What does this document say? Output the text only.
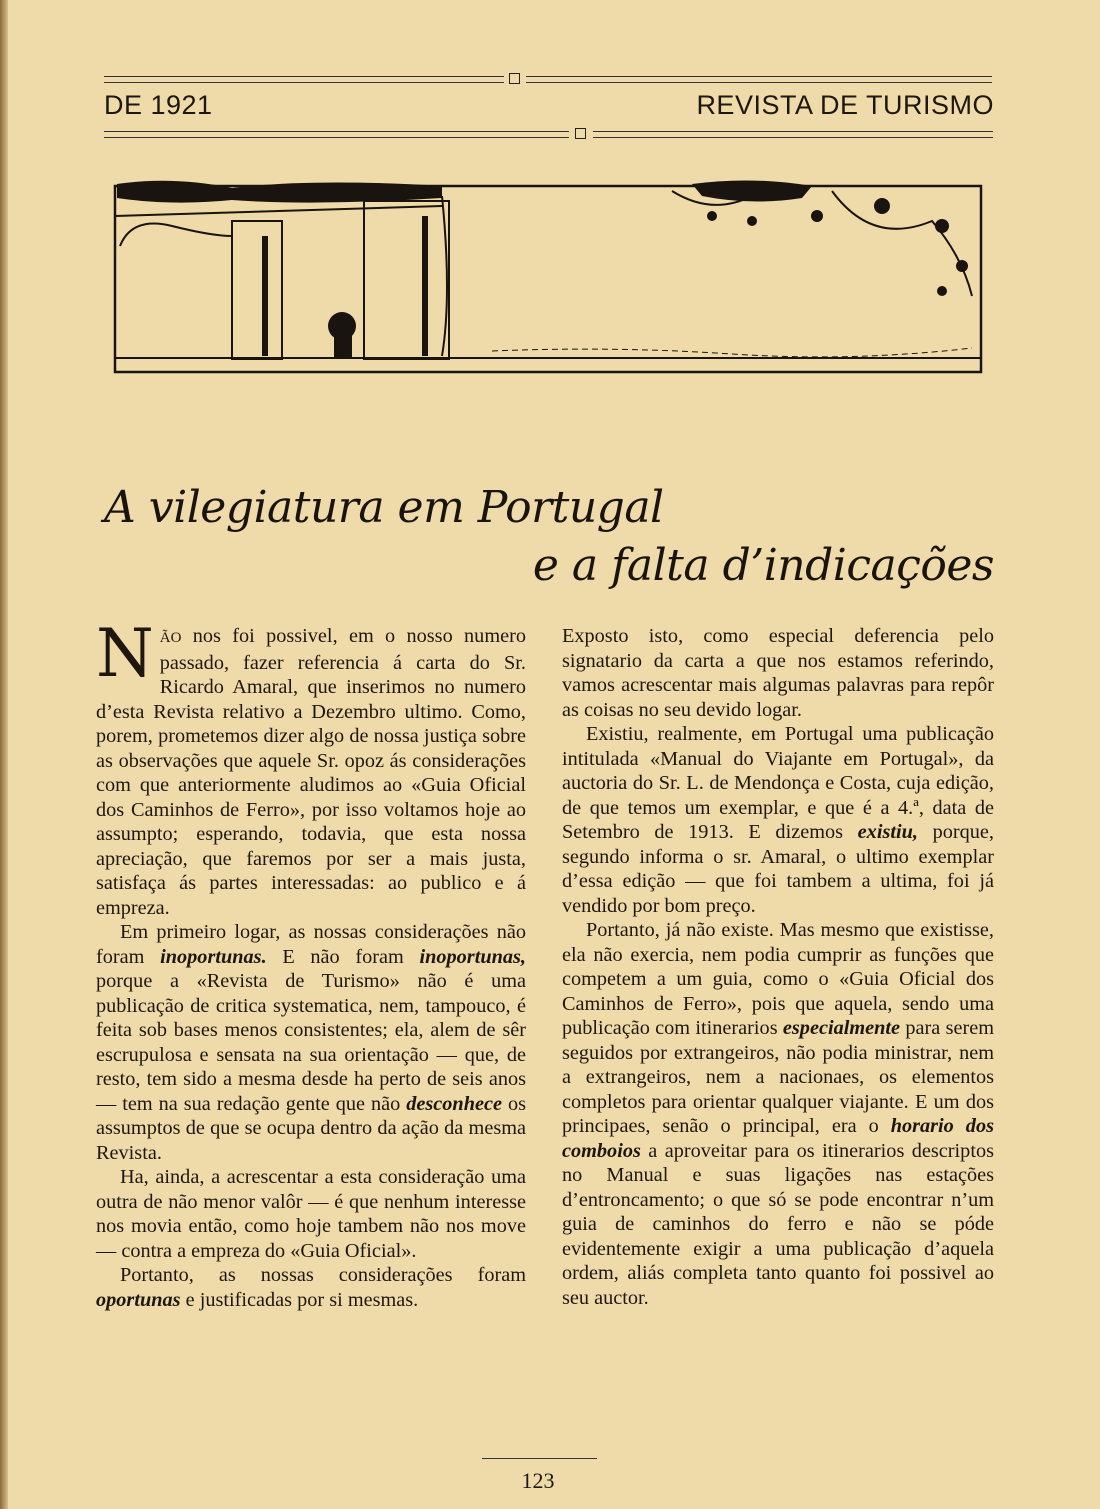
DE 1921	REVISTA DE TURISMO
A vilegiatura em Portugal
e a falta d’indicações

NÃO nos foi possivel, em o nosso numero passado, fazer referencia á carta do Sr. Ricardo Amaral, que inserimos no numero d’esta Revista relativo a Dezembro ultimo. Como, porem, prometemos dizer algo de nossa justiça sobre as observações que aquele Sr. opoz ás considerações com que anteriormente aludimos ao «Guia Oficial dos Caminhos de Ferro», por isso voltamos hoje ao assumpto; esperando, todavia, que esta nossa apreciação, que faremos por ser a mais justa, satisfaça ás partes interessadas: ao publico e á empreza.

Em primeiro logar, as nossas considerações não foram inoportunas. E não foram inoportunas, porque a «Revista de Turismo» não é uma publicação de critica systematica, nem, tampouco, é feita sob bases menos consistentes; ela, alem de sêr escrupulosa e sensata na sua orientação — que, de resto, tem sido a mesma desde ha perto de seis anos — tem na sua redação gente que não desconhece os assumptos de que se ocupa dentro da ação da mesma Revista.

Ha, ainda, a acrescentar a esta consideração uma outra de não menor valôr — é que nenhum interesse nos movia então, como hoje tambem não nos move — contra a empreza do «Guia Oficial».

Portanto, as nossas considerações foram oportunas e justificadas por si mesmas.

Exposto isto, como especial deferencia pelo signatario da carta a que nos estamos referindo, vamos acrescentar mais algumas palavras para repôr as coisas no seu devido logar.

Existiu, realmente, em Portugal uma publicação intitulada «Manual do Viajante em Portugal», da auctoria do Sr. L. de Mendonça e Costa, cuja edição, de que temos um exemplar, e que é a 4.ª, data de Setembro de 1913. E dizemos existiu, porque, segundo informa o sr. Amaral, o ultimo exemplar d’essa edição — que foi tambem a ultima, foi já vendido por bom preço.

Portanto, já não existe. Mas mesmo que existisse, ela não exercia, nem podia cumprir as funções que competem a um guia, como o «Guia Oficial dos Caminhos de Ferro», pois que aquela, sendo uma publicação com itinerarios especialmente para serem seguidos por extrangeiros, não podia ministrar, nem a extrangeiros, nem a nacionaes, os elementos completos para orientar qualquer viajante. E um dos principaes, senão o principal, era o horario dos comboios a aproveitar para os itinerarios descriptos no Manual e suas ligações nas estações d’entroncamento; o que só se pode encontrar n’um guia de caminhos do ferro e não se póde evidentemente exigir a uma publicação d’aquela ordem, aliás completa tanto quanto foi possivel ao seu auctor.

123
